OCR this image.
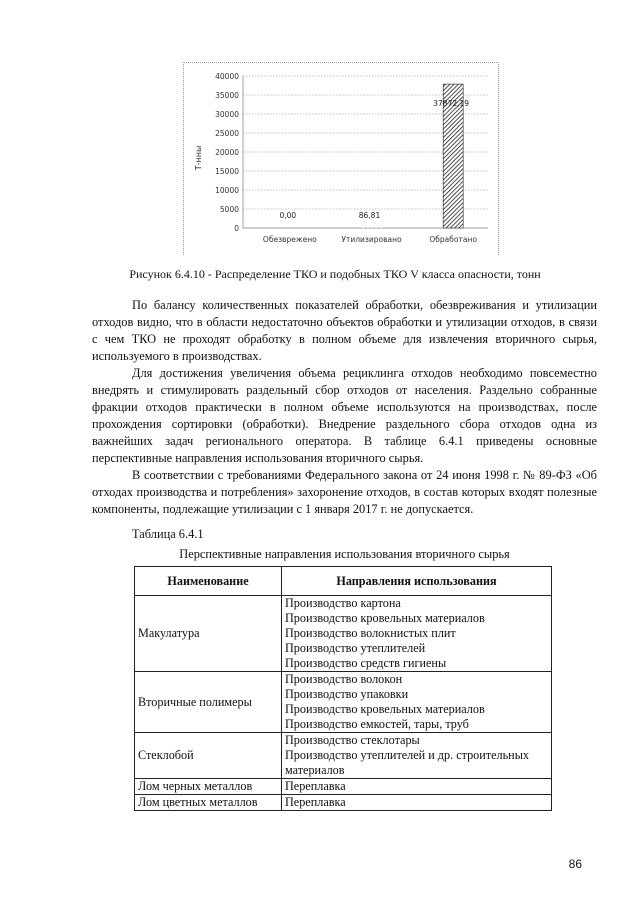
0
5000
10000
15000
20000
25000
30000
35000
40000
0,00	86,81
37872,19
Обезврежено	Утилизировано	Обработано
Т-нны
Рисунок 6.4.10 - Распределение ТКО и подобных ТКО V класса опасности, тонн

По балансу количественных показателей обработки, обезвреживания и утилизации отходов видно, что в области недостаточно объектов обработки и утилизации отходов, в связи с чем ТКО не проходят обработку в полном объеме для извлечения вторичного сырья, используемого в производствах.

Для достижения увеличения объема рециклинга отходов необходимо повсеместно внедрять и стимулировать раздельный сбор отходов от населения. Раздельно собранные фракции отходов практически в полном объеме используются на производствах, после прохождения сортировки (обработки). Внедрение раздельного сбора отходов одна из важнейших задач регионального оператора. В таблице 6.4.1 приведены основные перспективные направления использования вторичного сырья.

В соответствии с требованиями Федерального закона от 24 июня 1998 г. № 89-ФЗ «Об отходах производства и потребления» захоронение отходов, в состав которых входят полезные компоненты, подлежащие утилизации с 1 января 2017 г. не допускается.

Таблица 6.4.1
Перспективные направления использования вторичного сырья
Наименование	Направления использования
Макулатура	Производство картона
Производство кровельных материалов
Производство волокнистых плит
Производство утеплителей
Производство средств гигиены

Вторичные полимеры	Производство волокон
Производство упаковки
Производство кровельных материалов
Производство емкостей, тары, труб

Стеклобой	Производство стеклотары
Производство утеплителей и др. строительных материалов

Лом черных металлов	Переплавка

Лом цветных металлов	Переплавка
86
